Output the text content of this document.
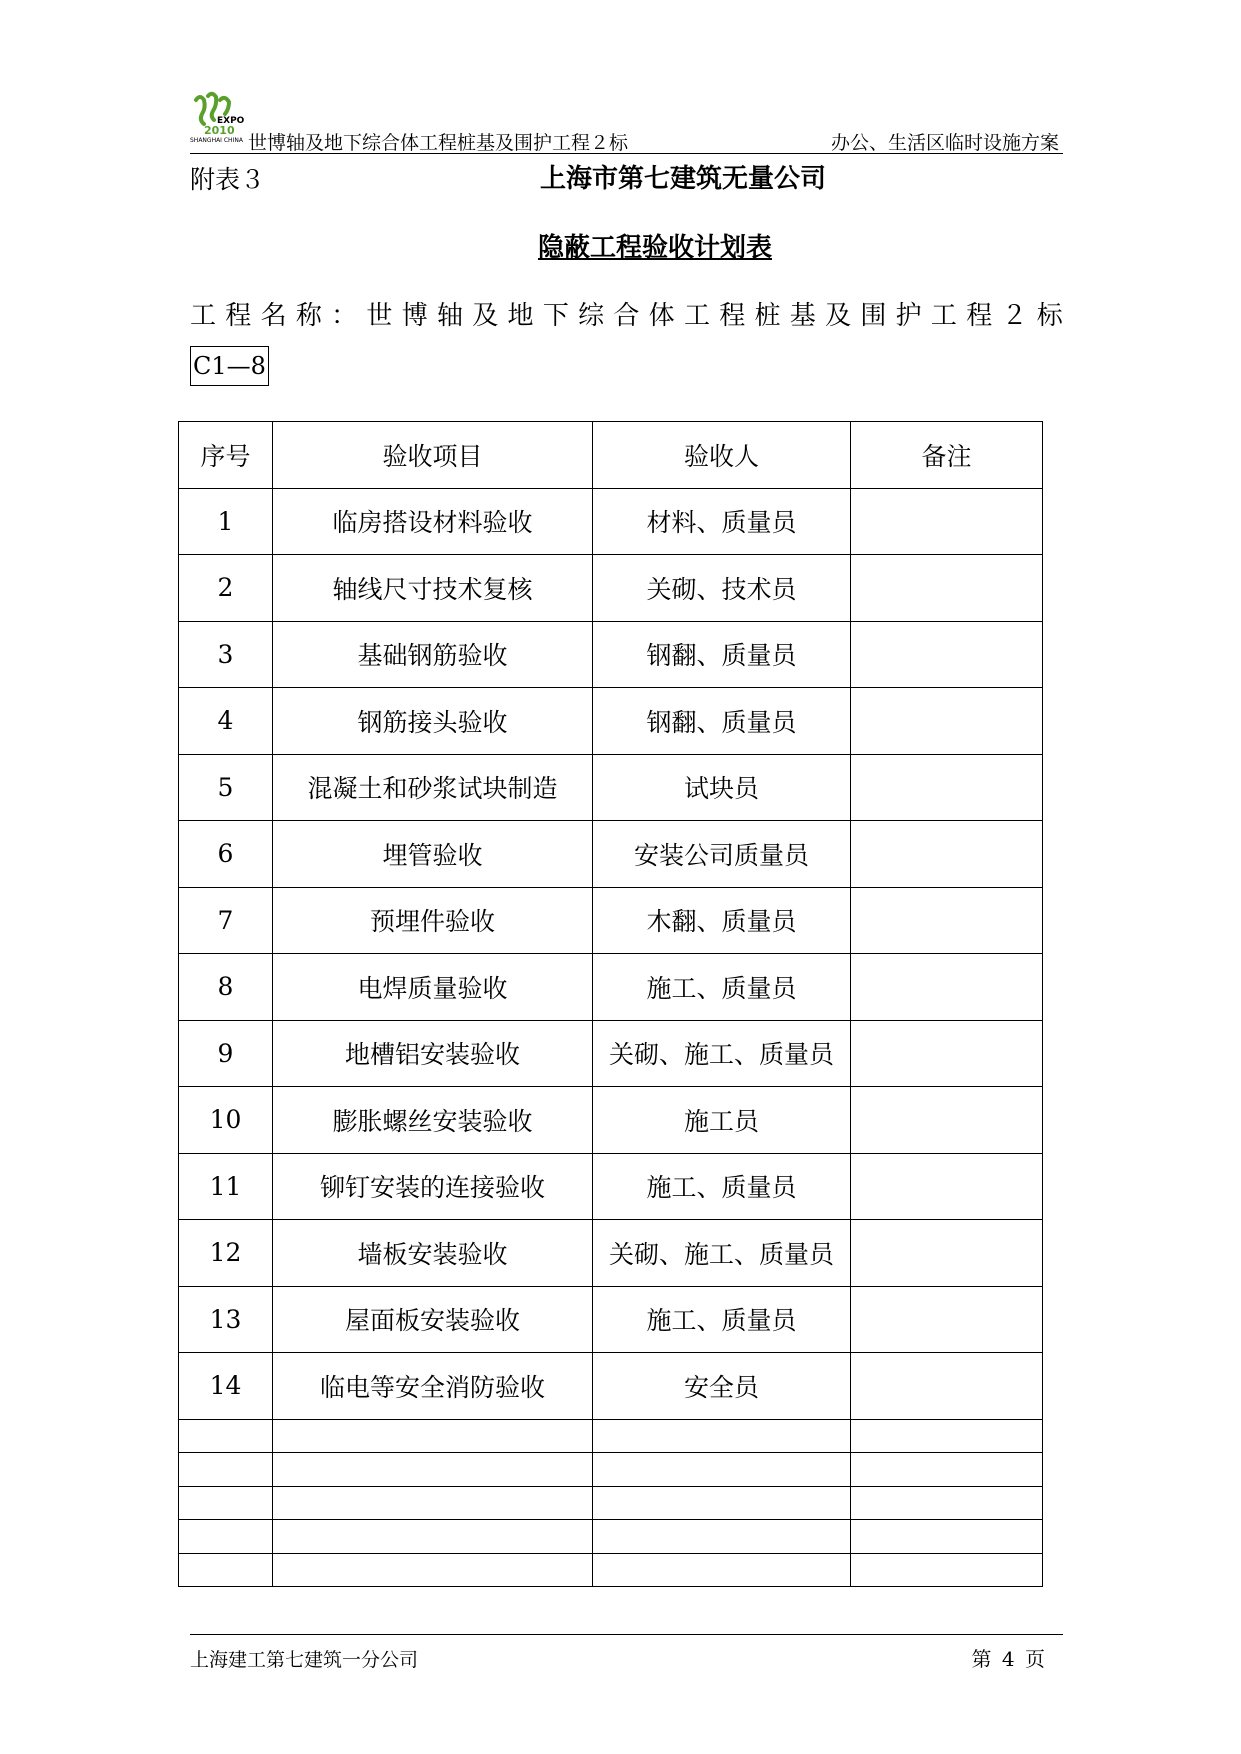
EXPO
2010
SHANGHAI CHINA 世博轴及地下综合体工程桩基及围护工程２标	办公、生活区临时设施方案
附表３	上海市第七建筑无量公司
隐蔽工程验收计划表
工 程 名 称 ： 世 博 轴 及 地 下 综 合 体 工 程 桩 基 及 围 护 工 程 ２ 标
C1—8
序号	验收项目	验收人	备注
1	临房搭设材料验收	材料、质量员	
2	轴线尺寸技术复核	关砌、技术员	
3	基础钢筋验收	钢翻、质量员	
4	钢筋接头验收	钢翻、质量员	
5	混凝土和砂浆试块制造	试块员	
6	埋管验收	安装公司质量员	
7	预埋件验收	木翻、质量员	
8	电焊质量验收	施工、质量员	
9	地槽铝安装验收	关砌、施工、质量员	
10	膨胀螺丝安装验收	施工员	
11	铆钉安装的连接验收	施工、质量员	
12	墙板安装验收	关砌、施工、质量员	
13	屋面板安装验收	施工、质量员	
14	临电等安全消防验收	安全员	

上海建工第七建筑一分公司	第 4 页
